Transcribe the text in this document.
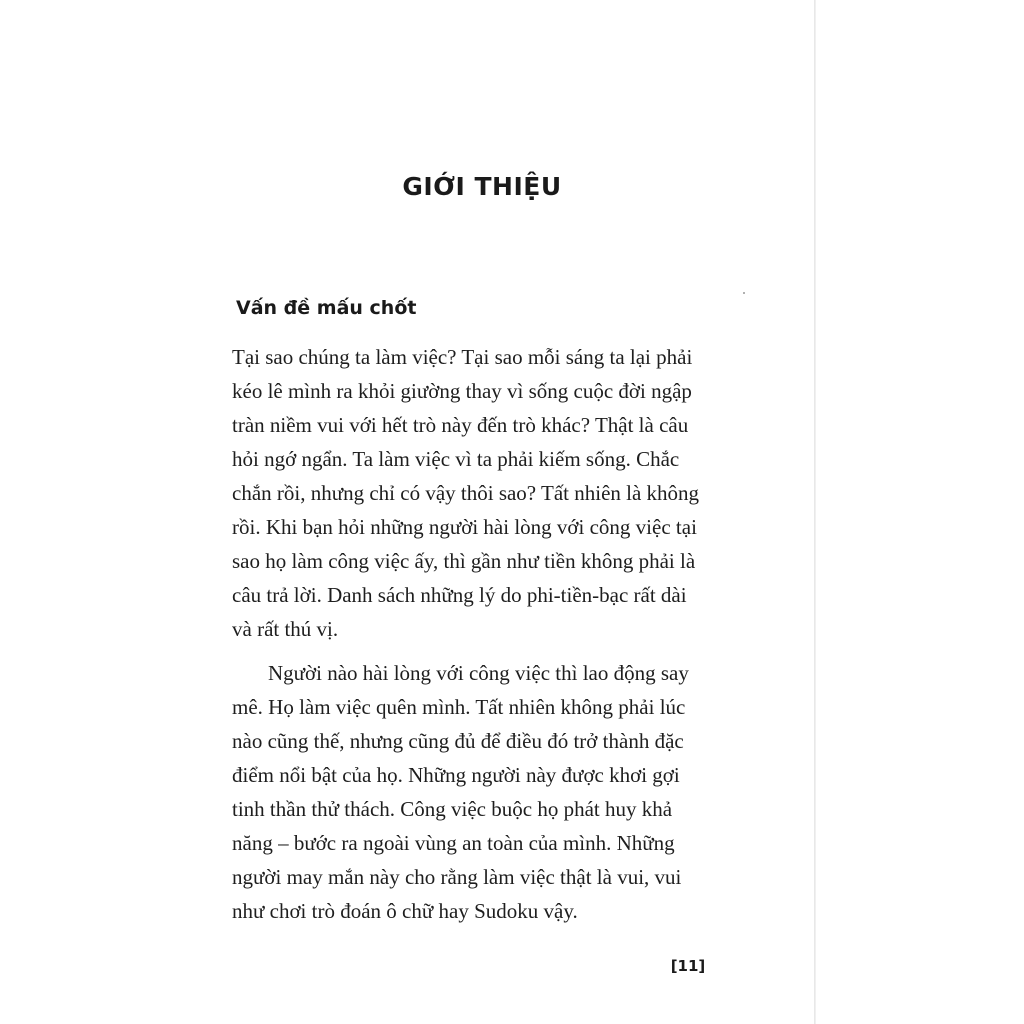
GIỚI THIỆU
Vấn đề mấu chốt

Tại sao chúng ta làm việc? Tại sao mỗi sáng ta lại phải
kéo lê mình ra khỏi giường thay vì sống cuộc đời ngập
tràn niềm vui với hết trò này đến trò khác? Thật là câu
hỏi ngớ ngẩn. Ta làm việc vì ta phải kiếm sống. Chắc
chắn rồi, nhưng chỉ có vậy thôi sao? Tất nhiên là không
rồi. Khi bạn hỏi những người hài lòng với công việc tại
sao họ làm công việc ấy, thì gần như tiền không phải là
câu trả lời. Danh sách những lý do phi-tiền-bạc rất dài
và rất thú vị.

Người nào hài lòng với công việc thì lao động say
mê. Họ làm việc quên mình. Tất nhiên không phải lúc
nào cũng thế, nhưng cũng đủ để điều đó trở thành đặc
điểm nổi bật của họ. Những người này được khơi gợi
tinh thần thử thách. Công việc buộc họ phát huy khả
năng – bước ra ngoài vùng an toàn của mình. Những
người may mắn này cho rằng làm việc thật là vui, vui
như chơi trò đoán ô chữ hay Sudoku vậy.

[11]
